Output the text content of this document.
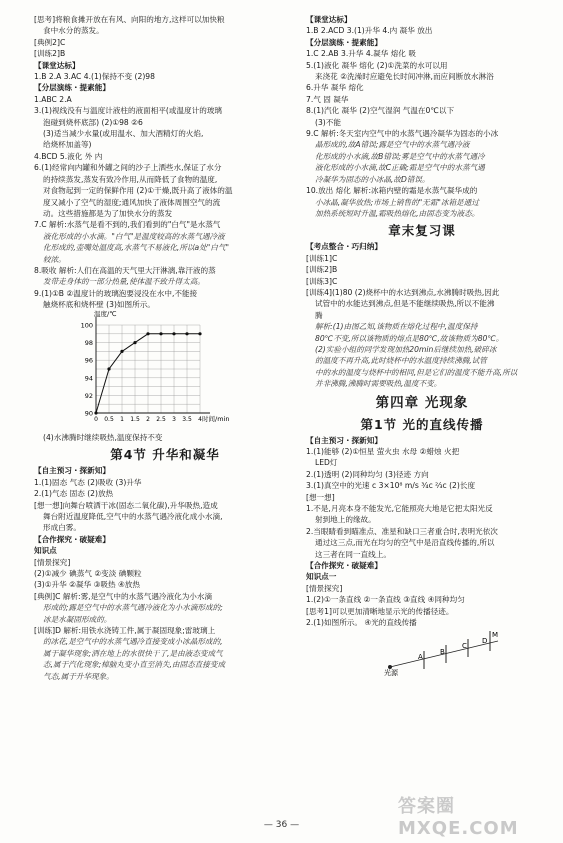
[思考]将粮食摊开放在有风、向阳的地方,这样可以加快粮
食中水分的蒸发。
[典例2]C
[训练2]B
【课堂达标】
1.B 2.A 3.AC 4.(1)保持不变 (2)98
【分层演练・提素能】
1.ABC 2.A
3.(1)视线没有与温度计液柱的液面相平(或温度计的玻璃
泡碰到烧杯底部) (2)①98 ②6
(3)适当减少水量(或用温水、加大酒精灯的火焰,
给烧杯加盖等)
4.BCD 5.液化 外 内
6.(1)经常向内罐和外罐之间的沙子上洒些水,保证了水分
的持续蒸发,蒸发有致冷作用,从而降低了食物的温度,
对食物起到一定的保鲜作用 (2)①干燥,既升高了液体的温
度又减小了空气的湿度;通风加快了液体周围空气的流
动。这些措施都是为了加快水分的蒸发
7.C 解析:水蒸气是看不到的,我们看到的"白气"是水蒸气
液化形成的小水滴。"白气"是温度较高的水蒸气遇冷液
化形成的,壶嘴处温度高,水蒸气不易液化,所以a处"白气"
较浓。
8.吸收 解析:人们在高温的天气里大汗淋漓,靠汗液的蒸
发带走身体的一部分热量,使体温不致升得太高。
9.(1)①B ②温度计的玻璃泡要浸没在水中,不能接
触烧杯底和烧杯壁 (3)如图所示。
90
92
94
96
98
100
0 0.5 1 1.5 2 2.5 3 3.5 4
温度/℃
时间/min
(4)水沸腾时继续吸热,温度保持不变
第4节 升华和凝华
【自主预习・探新知】
1.(1)固态 气态 (2)吸收 (3)升华
2.(1)气态 固态 (2)放热
[想一想]向舞台喷洒干冰(固态二氧化碳),升华吸热,造成
舞台附近温度降低,空气中的水蒸气遇冷液化成小水滴,
形成白雾。
【合作探究・破疑难】
知识点
[情景探究]
(2)①减少 碘蒸气 ②变淡 碘颗粒
(3)①升华 ②凝华 ③吸热 ④放热
[典例]C 解析:雾,是空气中的水蒸气遇冷液化为小水滴
形成的;露是空气中的水蒸气遇冷液化为小水滴形成的;
冰是水凝固形成的。
[训练]D 解析:用铁水浇铸工件,属于凝固现象;雷玻璃上
的冰花,是空气中的水蒸气遇冷直接变成小冰晶形成的,
属于凝华现象;洒在地上的水很快干了,是由液态变成气
态,属于汽化现象;樟脑丸变小直至消失,由固态直接变成
气态,属于升华现象。
【课堂达标】
1.B 2.ACD 3.(1)升华 4.内 凝华 放出
【分层演练・提素能】
1.C 2.AB 3.升华 4.凝华 熔化 吸
5.(1)液化 凝华 熔化 (2)①洗菜的水可以用
来浇花 ②洗澡时应避免长时间冲淋,而应间断放水淋浴
6.升华 凝华 熔化
7.气 固 凝华
8.(1)汽化 凝华 (2)空气湿润 气温在0℃以下
(3)不能
9.C 解析:冬天室内空气中的水蒸气遇冷凝华为固态的小冰
晶形成的,故A错误;露是空气中的水蒸气遇冷液
化形成的小水滴,故B错误;雾是空气中的水蒸气遇冷
液化形成的小水滴,故C正确;霜是空气中的水蒸气遇
冷凝华为固态的小冰晶,故D错误。
10.放出 熔化 解析:冰箱内壁的霜是水蒸气凝华成的
小冰晶,凝华放热;市场上销售的"无霜"冰箱是通过
加热系统短时升温,霜吸热熔化,由固态变为液态。
章末复习课
【考点整合・巧归纳】
[训练1]C
[训练2]B
[训练3]C
[训练4](1)80 (2)烧杯中的水达到沸点,水沸腾时吸热,因此
试管中的水能达到沸点,但是不能继续吸热,所以不能沸
腾
解析:(1)由图乙知,该物质在熔化过程中,温度保持
80℃不变,所以该物质的熔点是80℃,故该物质为80℃。
(2)实验小组的同学发现加热20min后继续加热,破碎冰
的温度不再升高,此时烧杯中的水温度持续沸腾,试管
中的水的温度与烧杯中的相同,但是它们的温度不能升高,所以
并非沸腾,沸腾时需要吸热,温度不变。
第四章 光现象
第1节 光的直线传播
【自主预习・探新知】
1.(1)能够 (2)①恒星 萤火虫 水母 ②蜡烛 火把
LED灯
2.(1)透明 (2)同种均匀 (3)径迹 方向
3.(1)真空中的光速 c 3×10⁸ m/s ³⁄₄c ²⁄₃c (2)长度
[想一想]
1.不是,月亮本身不能发光,它能照亮大地是它把太阳光反
射到地上的缘故。
2.当眼睛看到瞄准点、准星和缺口三者重合时,表明光依次
通过这三点,而光在均匀的空气中是沿直线传播的,所以
这三者在同一直线上。
【合作探究・破疑难】
知识点一
[情景探究]
1.(2)①一条直线 ②一条直线 ③直线 ④同种均匀
[思考1]可以更加清晰地显示光的传播径迹。
2.(1)如图所示。 ④光的直线传播
M
A
B
C
D
光源
答案圈 MXQE.COM
— 36 —
